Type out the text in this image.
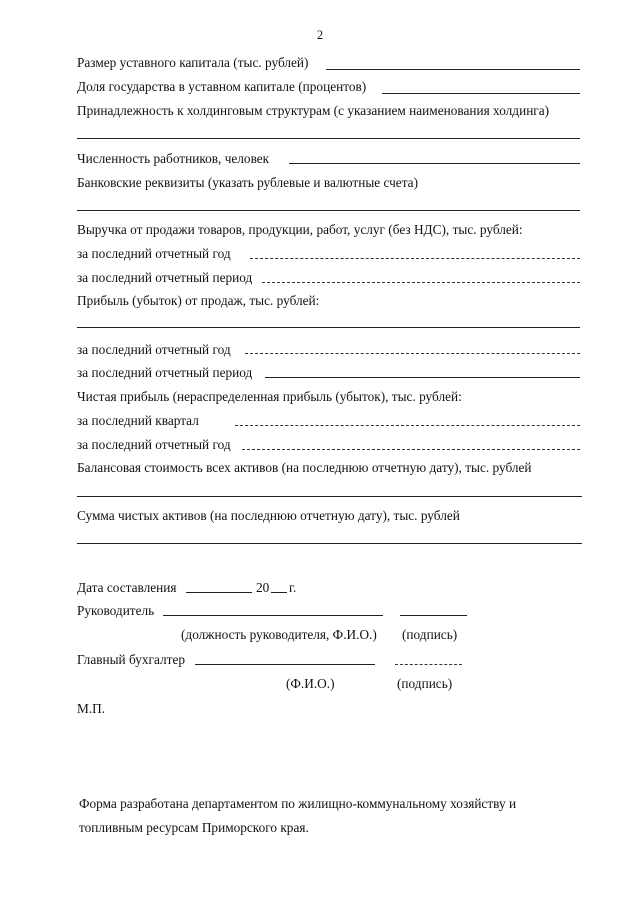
2
Размер уставного капитала (тыс. рублей)
Доля государства в уставном капитале (процентов)
Принадлежность к холдинговым структурам (с указанием наименования холдинга)
Численность работников, человек
Банковские реквизиты (указать рублевые и валютные счета)
Выручка от продажи товаров, продукции, работ, услуг (без НДС), тыс. рублей:
за последний отчетный год
за последний отчетный период
Прибыль (убыток) от продаж, тыс. рублей:
за последний отчетный год
за последний отчетный период
Чистая прибыль (нераспределенная прибыль (убыток), тыс. рублей:
за последний квартал
за последний отчетный год
Балансовая стоимость всех активов (на последнюю отчетную дату), тыс. рублей
Сумма чистых активов (на последнюю отчетную дату), тыс. рублей
Дата составления	20 г.
Руководитель
(должность руководителя, Ф.И.О.) (подпись)
Главный бухгалтер
(Ф.И.О.)	(подпись)
М.П.
Форма разработана департаментом по жилищно-коммунальному хозяйству и
топливным ресурсам Приморского края.
